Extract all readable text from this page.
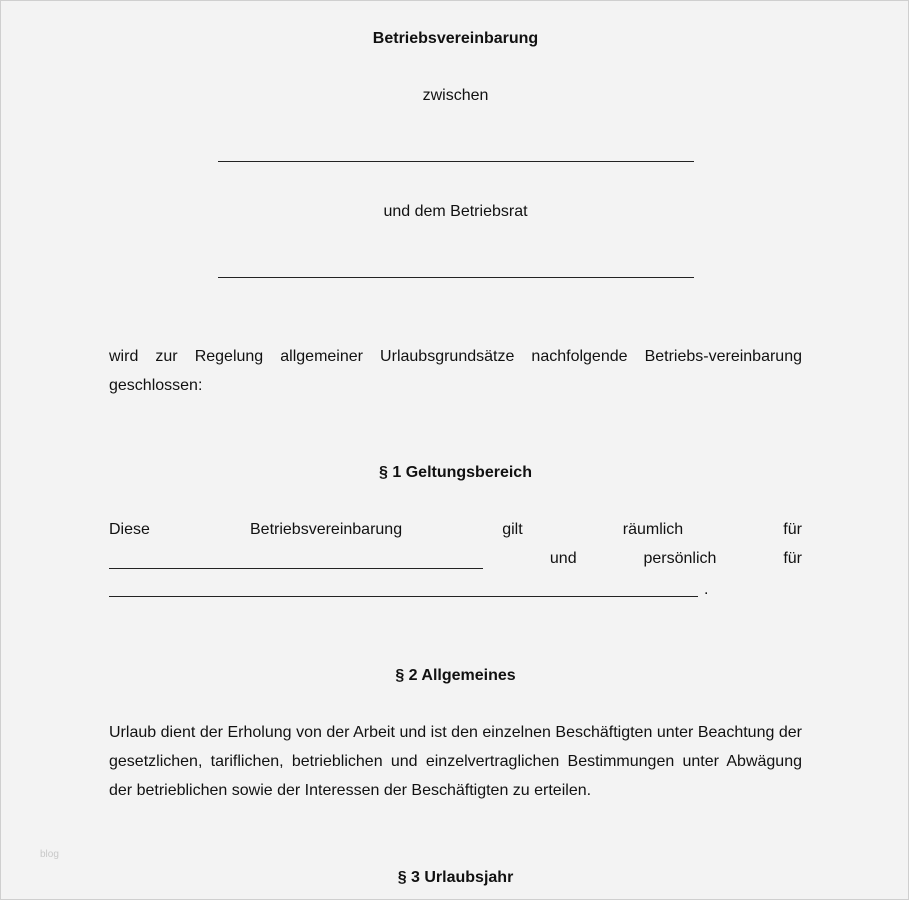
Betriebsvereinbarung
zwischen
und dem Betriebsrat
wird zur Regelung allgemeiner Urlaubsgrundsätze nachfolgende Betriebs-vereinbarung geschlossen:
§ 1 Geltungsbereich
Diese	Betriebsvereinbarung	gilt	räumlich	für
und	persönlich	für
.
§ 2 Allgemeines
Urlaub dient der Erholung von der Arbeit und ist den einzelnen Beschäftigten unter Beachtung der gesetzlichen, tariflichen, betrieblichen und einzelvertraglichen Bestimmungen unter Abwägung der betrieblichen sowie der Interessen der Beschäftigten zu erteilen.
blog
§ 3 Urlaubsjahr
